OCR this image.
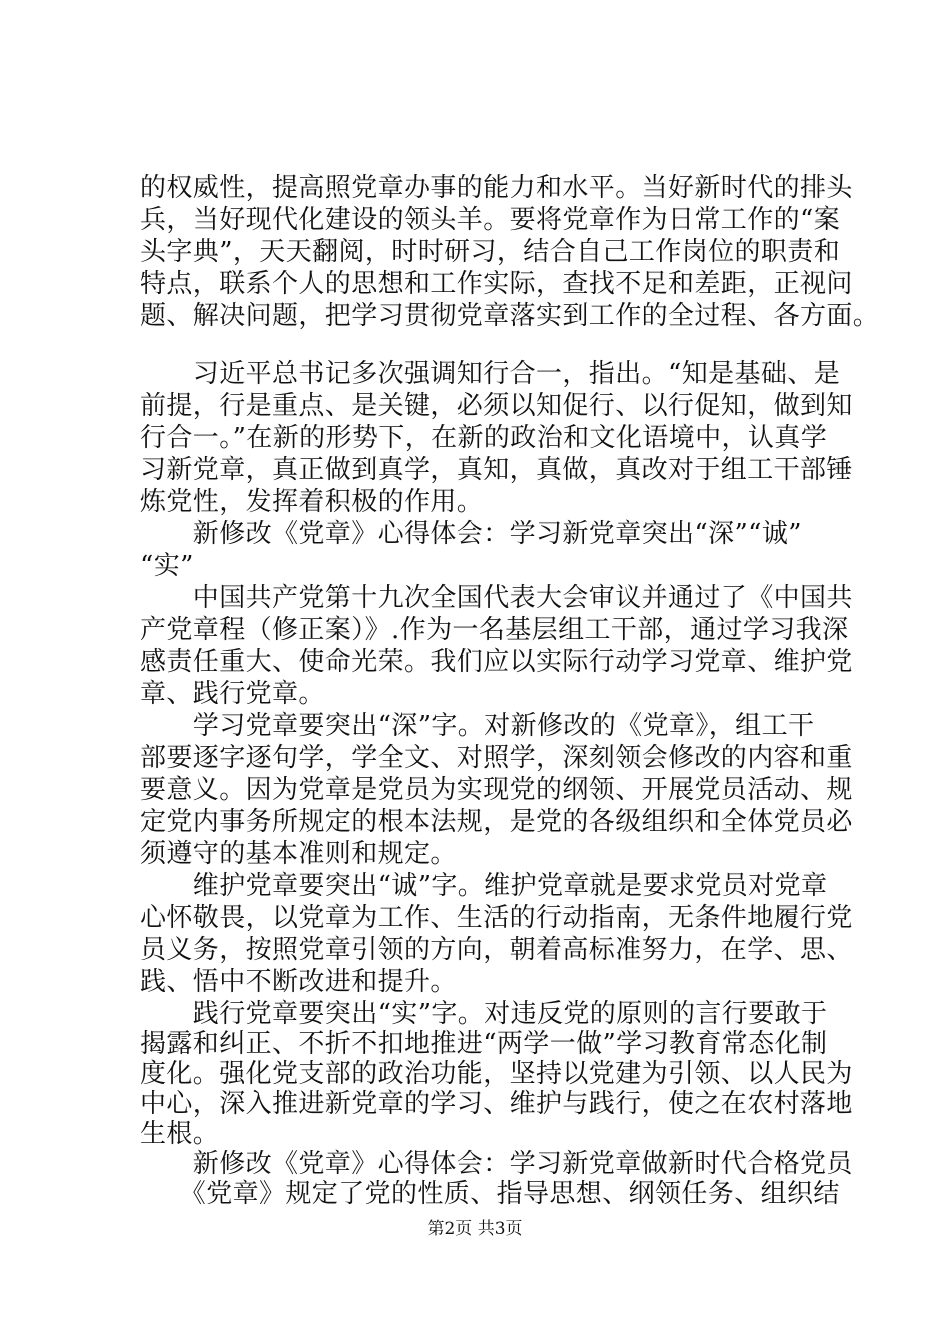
的权威性，提高照党章办事的能力和水平。当好新时代的排头
兵，当好现代化建设的领头羊。要将党章作为日常工作的“案
头字典”，天天翻阅，时时研习，结合自己工作岗位的职责和
特点，联系个人的思想和工作实际，查找不足和差距，正视问
题、解决问题，把学习贯彻党章落实到工作的全过程、各方面。
　　习近平总书记多次强调知行合一，指出。“知是基础、是
前提，行是重点、是关键，必须以知促行、以行促知，做到知
行合一。”在新的形势下，在新的政治和文化语境中，认真学
习新党章，真正做到真学，真知，真做，真改对于组工干部锤
炼党性，发挥着积极的作用。
　　新修改《党章》心得体会：学习新党章突出“深”“诚”
“实”
　　中国共产党第十九次全国代表大会审议并通过了《中国共
产党章程（修正案）》.作为一名基层组工干部，通过学习我深
感责任重大、使命光荣。我们应以实际行动学习党章、维护党
章、践行党章。
　　学习党章要突出“深”字。对新修改的《党章》，组工干
部要逐字逐句学，学全文、对照学，深刻领会修改的内容和重
要意义。因为党章是党员为实现党的纲领、开展党员活动、规
定党内事务所规定的根本法规，是党的各级组织和全体党员必
须遵守的基本准则和规定。
　　维护党章要突出“诚”字。维护党章就是要求党员对党章
心怀敬畏，以党章为工作、生活的行动指南，无条件地履行党
员义务，按照党章引领的方向，朝着高标准努力，在学、思、
践、悟中不断改进和提升。
　　践行党章要突出“实”字。对违反党的原则的言行要敢于
揭露和纠正、不折不扣地推进“两学一做”学习教育常态化制
度化。强化党支部的政治功能，坚持以党建为引领、以人民为
中心，深入推进新党章的学习、维护与践行，使之在农村落地
生根。
　　新修改《党章》心得体会：学习新党章做新时代合格党员
　　《党章》规定了党的性质、指导思想、纲领任务、组织结
第2页 共3页
